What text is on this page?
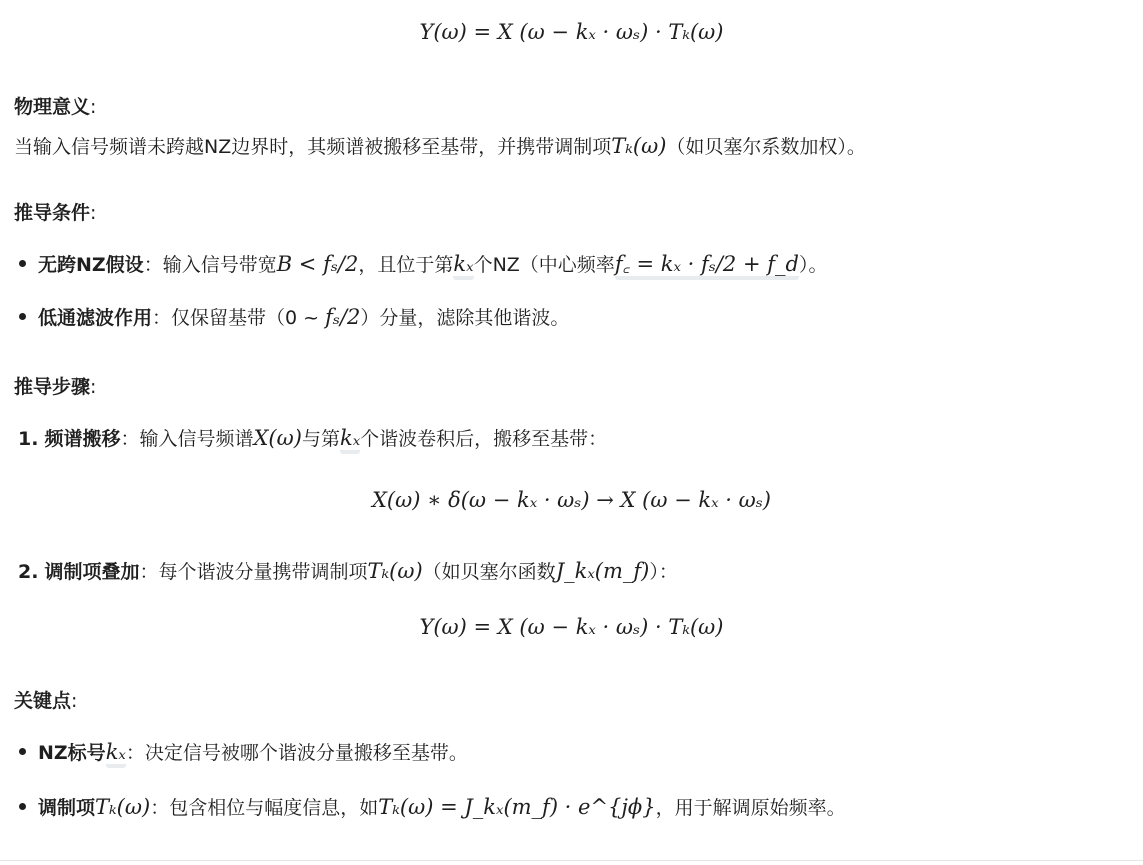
Y(ω) = X (ω − kₓ · ωₛ) · Tₖ(ω)
物理意义:
当输入信号频谱未跨越NZ边界时，其频谱被搬移至基带，并携带调制项Tₖ(ω)（如贝塞尔系数加权）。
推导条件:
无跨NZ假设：输入信号带宽B < fₛ/2，且位于第kₓ个NZ（中心频率f꜀ = kₓ · fₛ/2 + f_d）。
低通滤波作用：仅保留基带（0 ~ fₛ/2）分量，滤除其他谐波。
推导步骤:
1. 频谱搬移：输入信号频谱X(ω)与第kₓ个谐波卷积后，搬移至基带：
X(ω) ∗ δ(ω − kₓ · ωₛ) → X (ω − kₓ · ωₛ)
2. 调制项叠加：每个谐波分量携带调制项Tₖ(ω)（如贝塞尔函数J_kₓ(m_f)）：
Y(ω) = X (ω − kₓ · ωₛ) · Tₖ(ω)
关键点:
NZ标号kₓ：决定信号被哪个谐波分量搬移至基带。
调制项Tₖ(ω)：包含相位与幅度信息，如Tₖ(ω) = J_kₓ(m_f) · e^{jϕ}，用于解调原始频率。
